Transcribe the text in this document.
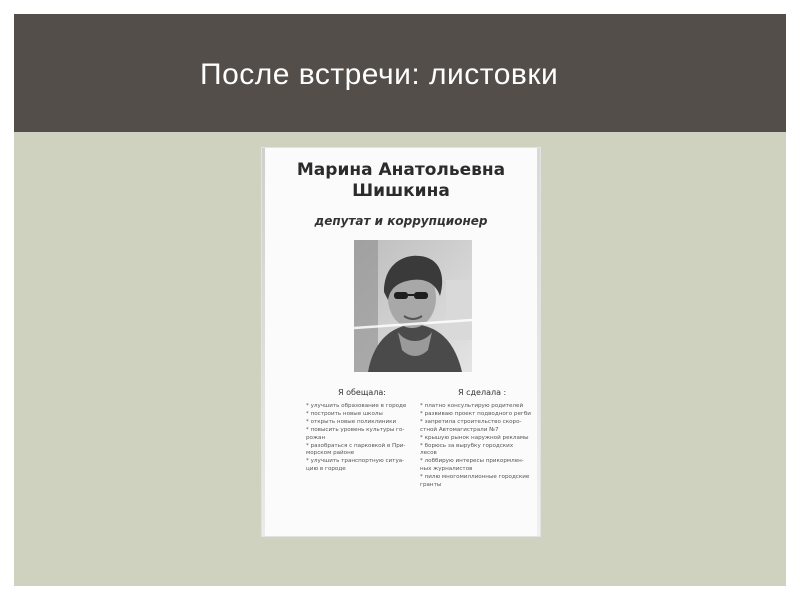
После встречи: листовки
Марина Анатольевна
Шишкина
депутат и коррупционер
Я обещала:	Я сделала :
* улучшить образование в городе
* построить новые школы
* открыть новые поликлиники
* повысить уровень культуры го-
рожан
* разобраться с парковкой в При-
морском районе
* улучшить транспортную ситуа-
цию в городе
* платно консультирую родителей
* развиваю проект подводного регби
* запретила строительство скоро-
стной Автомагистрали №7
* крышую рынок наружной рекламы
* борюсь за вырубку городских
лесов
* лоббирую интересы прикормлен-
ных журналистов
* пилю многомиллионные городские
гранты
